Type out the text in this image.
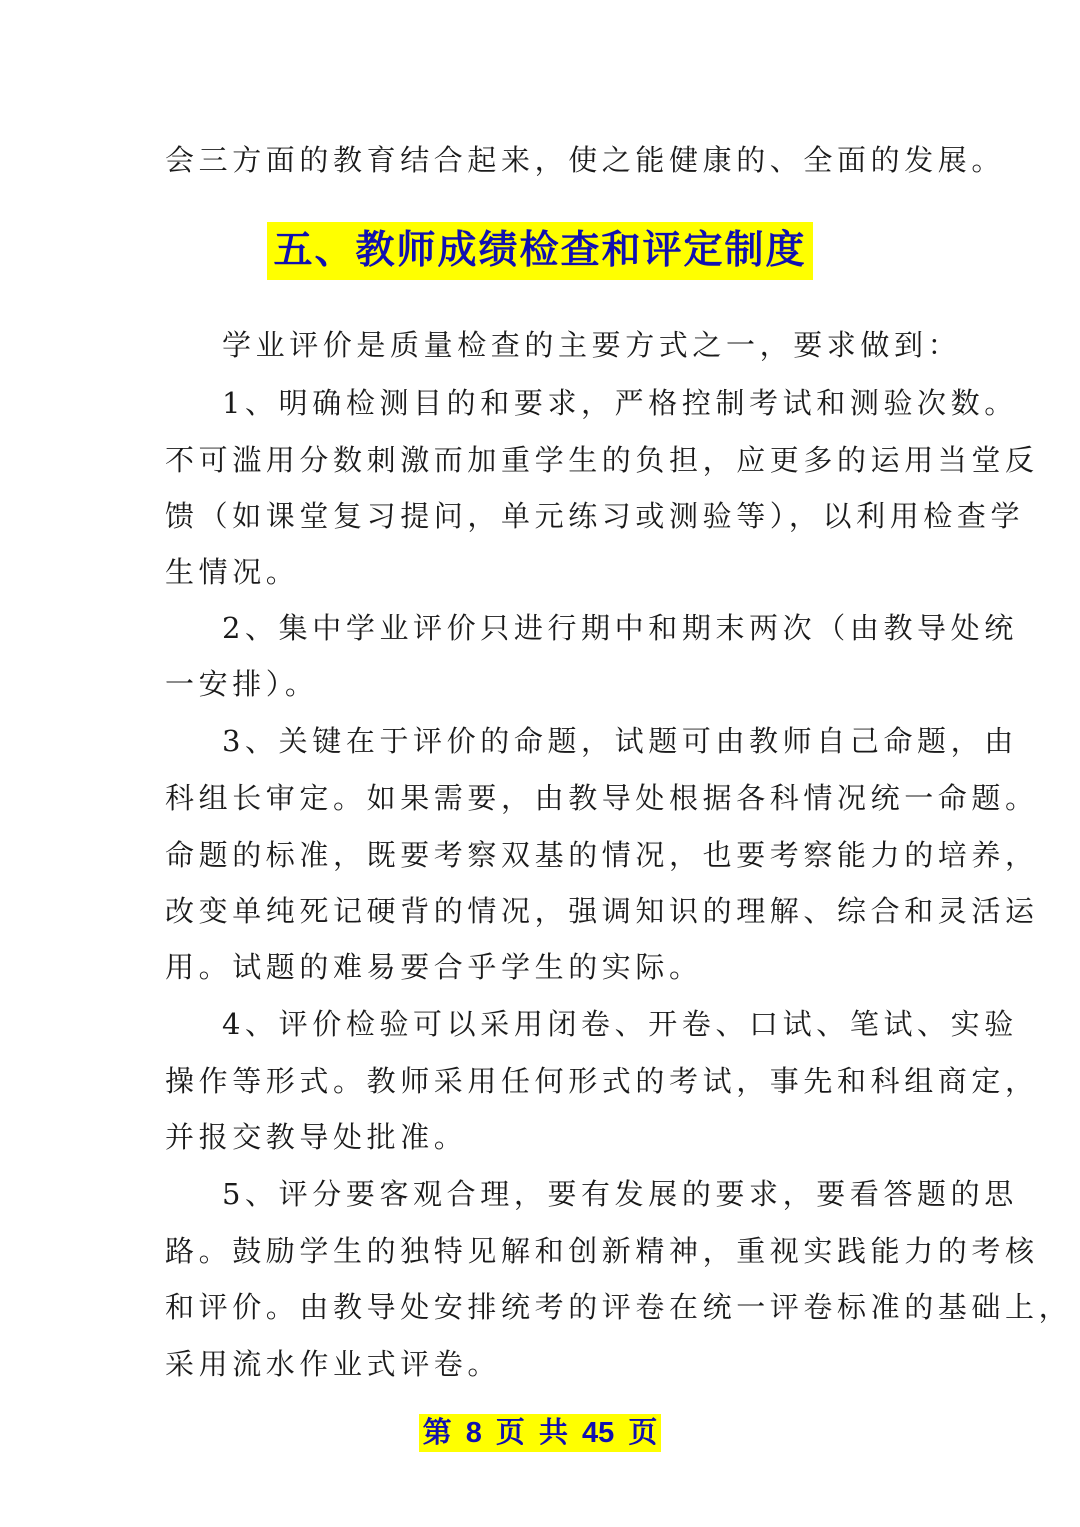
会三方面的教育结合起来，使之能健康的、全面的发展。
五、教师成绩检查和评定制度
学业评价是质量检查的主要方式之一，要求做到：
1、明确检测目的和要求，严格控制考试和测验次数。
不可滥用分数刺激而加重学生的负担，应更多的运用当堂反
馈（如课堂复习提问，单元练习或测验等），以利用检查学
生情况。
2、集中学业评价只进行期中和期末两次（由教导处统
一安排）。
3、关键在于评价的命题，试题可由教师自己命题，由
科组长审定。如果需要，由教导处根据各科情况统一命题。
命题的标准，既要考察双基的情况，也要考察能力的培养，
改变单纯死记硬背的情况，强调知识的理解、综合和灵活运
用。试题的难易要合乎学生的实际。
4、评价检验可以采用闭卷、开卷、口试、笔试、实验
操作等形式。教师采用任何形式的考试，事先和科组商定，
并报交教导处批准。
5、评分要客观合理，要有发展的要求，要看答题的思
路。鼓励学生的独特见解和创新精神，重视实践能力的考核
和评价。由教导处安排统考的评卷在统一评卷标准的基础上，
采用流水作业式评卷。
第 8 页 共 45 页
